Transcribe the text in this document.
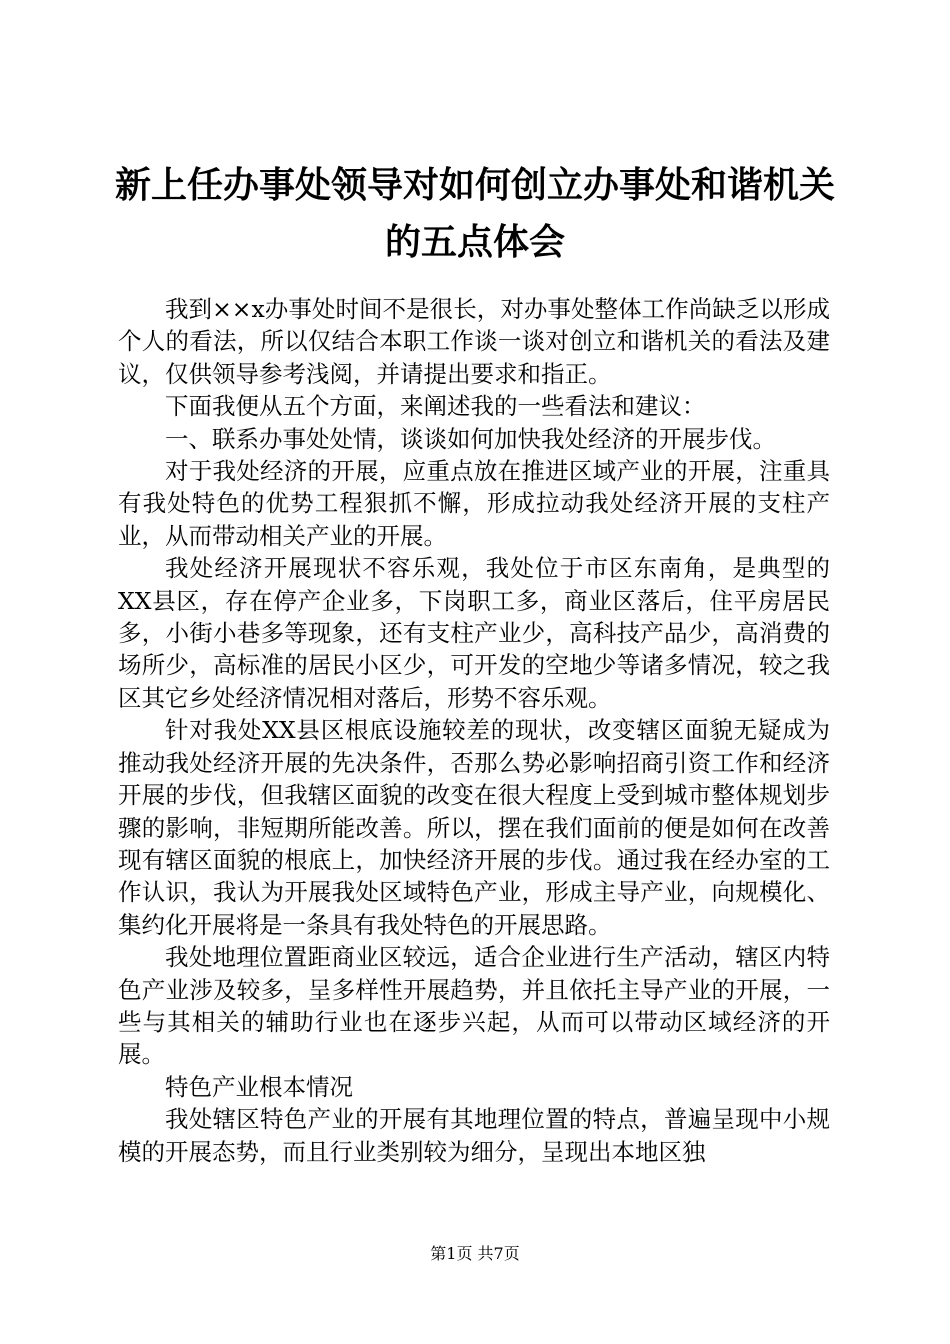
新上任办事处领导对如何创立办事处和谐机关
的五点体会

我到××x办事处时间不是很长，对办事处整体工作尚缺乏以形成个人的看法，所以仅结合本职工作谈一谈对创立和谐机关的看法及建议，仅供领导参考浅阅，并请提出要求和指正。

下面我便从五个方面，来阐述我的一些看法和建议：

一、联系办事处处情，谈谈如何加快我处经济的开展步伐。

对于我处经济的开展，应重点放在推进区域产业的开展，注重具有我处特色的优势工程狠抓不懈，形成拉动我处经济开展的支柱产业，从而带动相关产业的开展。

我处经济开展现状不容乐观，我处位于市区东南角，是典型的XX县区，存在停产企业多，下岗职工多，商业区落后，住平房居民多，小街小巷多等现象，还有支柱产业少，高科技产品少，高消费的场所少，高标准的居民小区少，可开发的空地少等诸多情况，较之我区其它乡处经济情况相对落后，形势不容乐观。

针对我处XX县区根底设施较差的现状，改变辖区面貌无疑成为推动我处经济开展的先决条件，否那么势必影响招商引资工作和经济开展的步伐，但我辖区面貌的改变在很大程度上受到城市整体规划步骤的影响，非短期所能改善。所以，摆在我们面前的便是如何在改善现有辖区面貌的根底上，加快经济开展的步伐。通过我在经办室的工作认识，我认为开展我处区域特色产业，形成主导产业，向规模化、集约化开展将是一条具有我处特色的开展思路。

我处地理位置距商业区较远，适合企业进行生产活动，辖区内特色产业涉及较多，呈多样性开展趋势，并且依托主导产业的开展，一些与其相关的辅助行业也在逐步兴起，从而可以带动区域经济的开展。

特色产业根本情况

我处辖区特色产业的开展有其地理位置的特点，普遍呈现中小规模的开展态势，而且行业类别较为细分，呈现出本地区独

第1页 共7页
